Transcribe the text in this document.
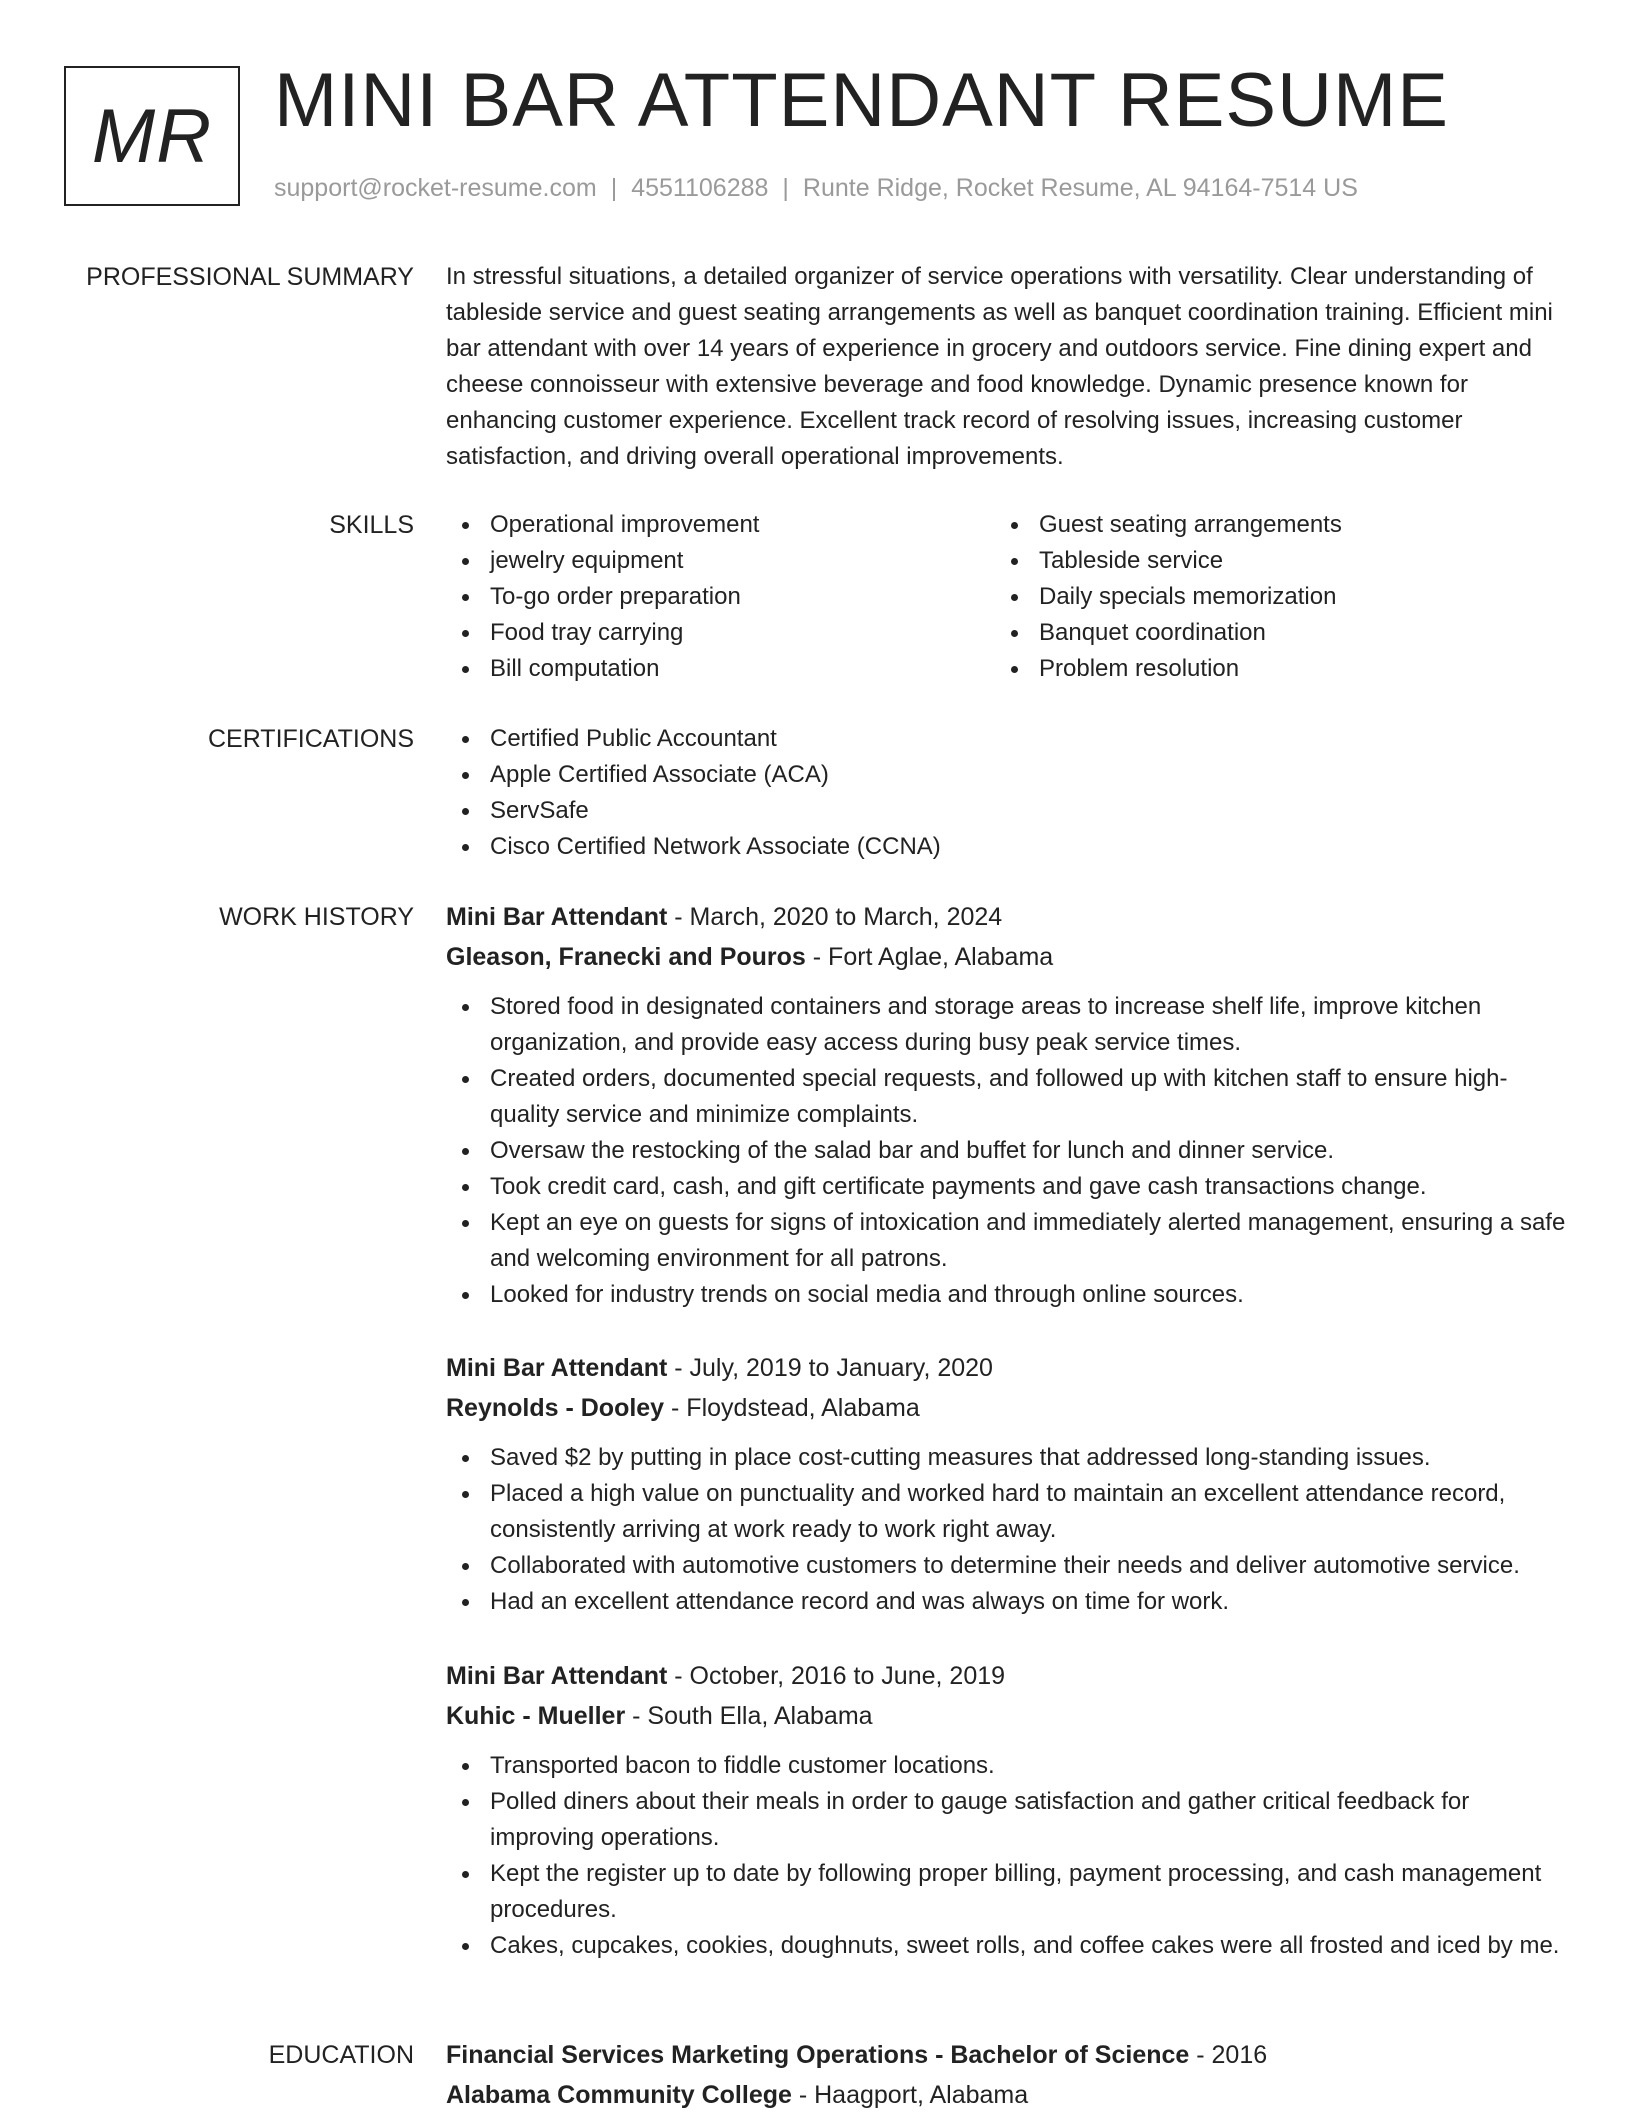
MR MINI BAR ATTENDANT RESUME
support@rocket-resume.com | 4551106288 | Runte Ridge, Rocket Resume, AL 94164-7514 US
PROFESSIONAL SUMMARY In stressful situations, a detailed organizer of service operations with versatility. Clear understanding of tableside service and guest seating arrangements as well as banquet coordination training. Efficient mini bar attendant with over 14 years of experience in grocery and outdoors service. Fine dining expert and cheese connoisseur with extensive beverage and food knowledge. Dynamic presence known for enhancing customer experience. Excellent track record of resolving issues, increasing customer satisfaction, and driving overall operational improvements.

SKILLS	Operational improvement
jewelry equipment
To-go order preparation
Food tray carrying
Bill computation
Guest seating arrangements
Tableside service
Daily specials memorization
Banquet coordination
Problem resolution
CERTIFICATIONS	Certified Public Accountant
Apple Certified Associate (ACA)
ServSafe
Cisco Certified Network Associate (CCNA)
WORK HISTORY Mini Bar Attendant - March, 2020 to March, 2024
Gleason, Franecki and Pouros - Fort Aglae, Alabama
Stored food in designated containers and storage areas to increase shelf life, improve kitchen organization, and provide easy access during busy peak service times.
Created orders, documented special requests, and followed up with kitchen staff to ensure high-quality service and minimize complaints.
Oversaw the restocking of the salad bar and buffet for lunch and dinner service.
Took credit card, cash, and gift certificate payments and gave cash transactions change.
Kept an eye on guests for signs of intoxication and immediately alerted management, ensuring a safe and welcoming environment for all patrons.
Looked for industry trends on social media and through online sources.
Mini Bar Attendant - July, 2019 to January, 2020
Reynolds - Dooley - Floydstead, Alabama
Saved $2 by putting in place cost-cutting measures that addressed long-standing issues.
Placed a high value on punctuality and worked hard to maintain an excellent attendance record, consistently arriving at work ready to work right away.
Collaborated with automotive customers to determine their needs and deliver automotive service.
Had an excellent attendance record and was always on time for work.
Mini Bar Attendant - October, 2016 to June, 2019
Kuhic - Mueller - South Ella, Alabama
Transported bacon to fiddle customer locations.
Polled diners about their meals in order to gauge satisfaction and gather critical feedback for improving operations.
Kept the register up to date by following proper billing, payment processing, and cash management procedures.
Cakes, cupcakes, cookies, doughnuts, sweet rolls, and coffee cakes were all frosted and iced by me.
EDUCATION Financial Services Marketing Operations - Bachelor of Science - 2016
Alabama Community College - Haagport, Alabama
